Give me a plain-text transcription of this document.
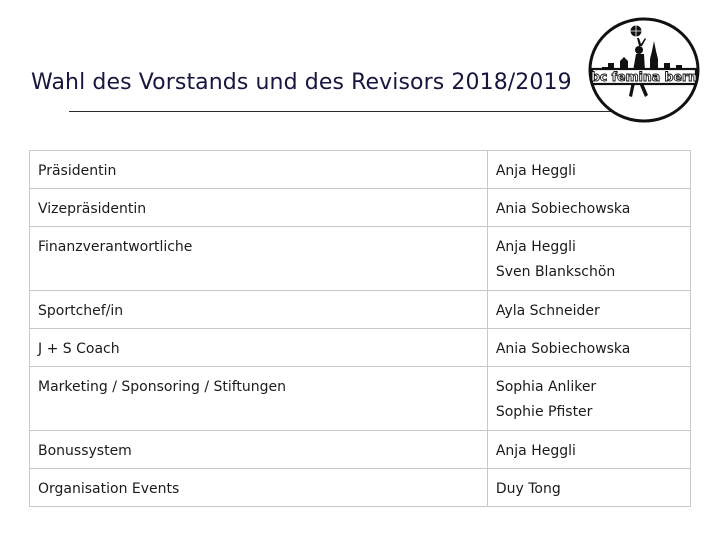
Wahl des Vorstands und des Revisors 2018/2019 bc femina bern
Präsidentin	Anja Heggli

Vizepräsidentin	Ania Sobiechowska

Finanzverantwortliche	Anja Heggli
Sven Blankschön

Sportchef/in	Ayla Schneider

J + S Coach	Ania Sobiechowska

Marketing / Sponsoring / Stiftungen	Sophia Anliker
Sophie Pfister

Bonussystem	Anja Heggli

Organisation Events	Duy Tong
